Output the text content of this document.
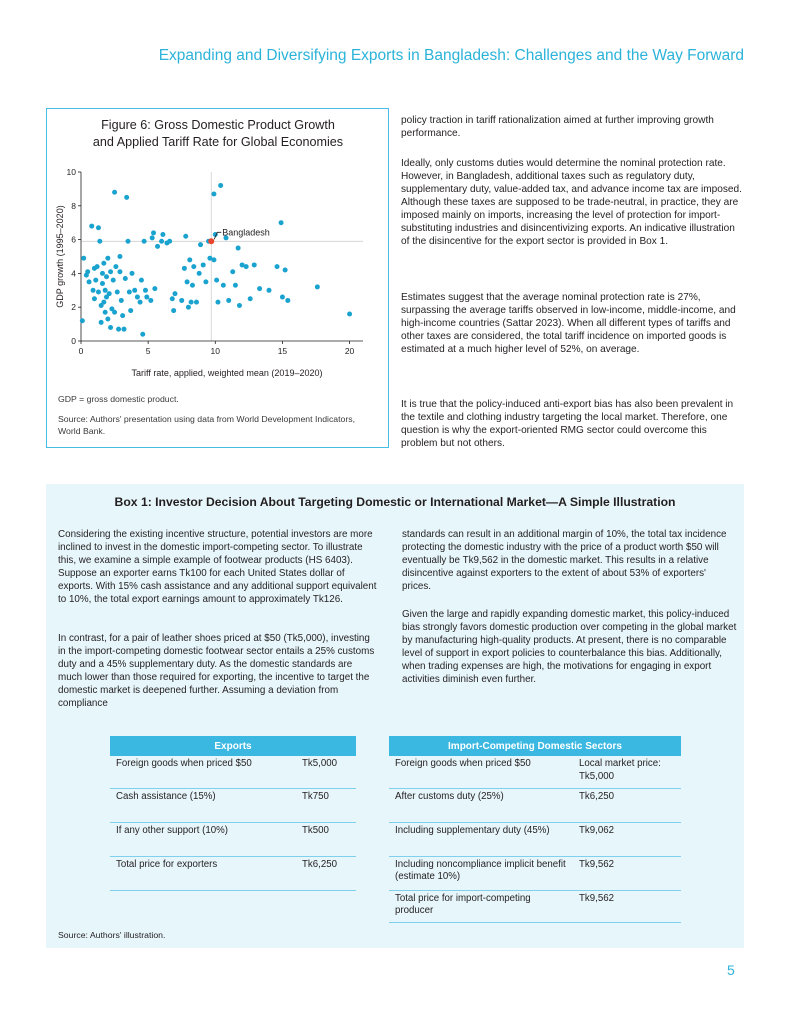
Expanding and Diversifying Exports in Bangladesh: Challenges and the Way Forward
Figure 6: Gross Domestic Product Growth
and Applied Tariff Rate for Global Economies
0
2
4
6
8
10
0	5	10	15	20
Tariff rate, applied, weighted mean (2019–2020)
GDP growth (1995–2020)	Bangladesh
GDP = gross domestic product.
Source: Authors' presentation using data from World Development Indicators, World Bank.
policy traction in tariff rationalization aimed at further improving growth performance.
Ideally, only customs duties would determine the nominal protection rate. However, in Bangladesh, additional taxes such as regulatory duty, supplementary duty, value-added tax, and advance income tax are imposed. Although these taxes are supposed to be trade-neutral, in practice, they are imposed mainly on imports, increasing the level of protection for import-substituting industries and disincentivizing exports. An indicative illustration of the disincentive for the export sector is provided in Box 1.
Estimates suggest that the average nominal protection rate is 27%, surpassing the average tariffs observed in low-income, middle-income, and high-income countries (Sattar 2023). When all different types of tariffs and other taxes are considered, the total tariff incidence on imported goods is estimated at a much higher level of 52%, on average.
It is true that the policy-induced anti-export bias has also been prevalent in the textile and clothing industry targeting the local market. Therefore, one question is why the export-oriented RMG sector could overcome this problem but not others.
Box 1: Investor Decision About Targeting Domestic or International Market—A Simple Illustration
Considering the existing incentive structure, potential investors are more inclined to invest in the domestic import-competing sector. To illustrate this, we examine a simple example of footwear products (HS 6403). Suppose an exporter earns Tk100 for each United States dollar of exports. With 15% cash assistance and any additional support equivalent to 10%, the total export earnings amount to approximately Tk126.
In contrast, for a pair of leather shoes priced at $50 (Tk5,000), investing in the import-competing domestic footwear sector entails a 25% customs duty and a 45% supplementary duty. As the domestic standards are much lower than those required for exporting, the incentive to target the domestic market is deepened further. Assuming a deviation from compliance
standards can result in an additional margin of 10%, the total tax incidence protecting the domestic industry with the price of a product worth $50 will eventually be Tk9,562 in the domestic market. This results in a relative disincentive against exporters to the extent of about 53% of exporters' prices.
Given the large and rapidly expanding domestic market, this policy-induced bias strongly favors domestic production over competing in the global market by manufacturing high-quality products. At present, there is no comparable level of support in export policies to counterbalance this bias. Additionally, when trading expenses are high, the motivations for engaging in export activities diminish even further.
Exports	
Foreign goods when priced $50	Tk5,000
Cash assistance (15%)	Tk750
If any other support (10%)	Tk500
Total price for exporters	Tk6,250
Import-Competing Domestic Sectors	
Foreign goods when priced $50	Local market price: Tk5,000
After customs duty (25%)	Tk6,250
Including supplementary duty (45%)	Tk9,062
Including noncompliance implicit benefit (estimate 10%)	Tk9,562
Total price for import-competing producer	Tk9,562
Source: Authors' illustration.
5
